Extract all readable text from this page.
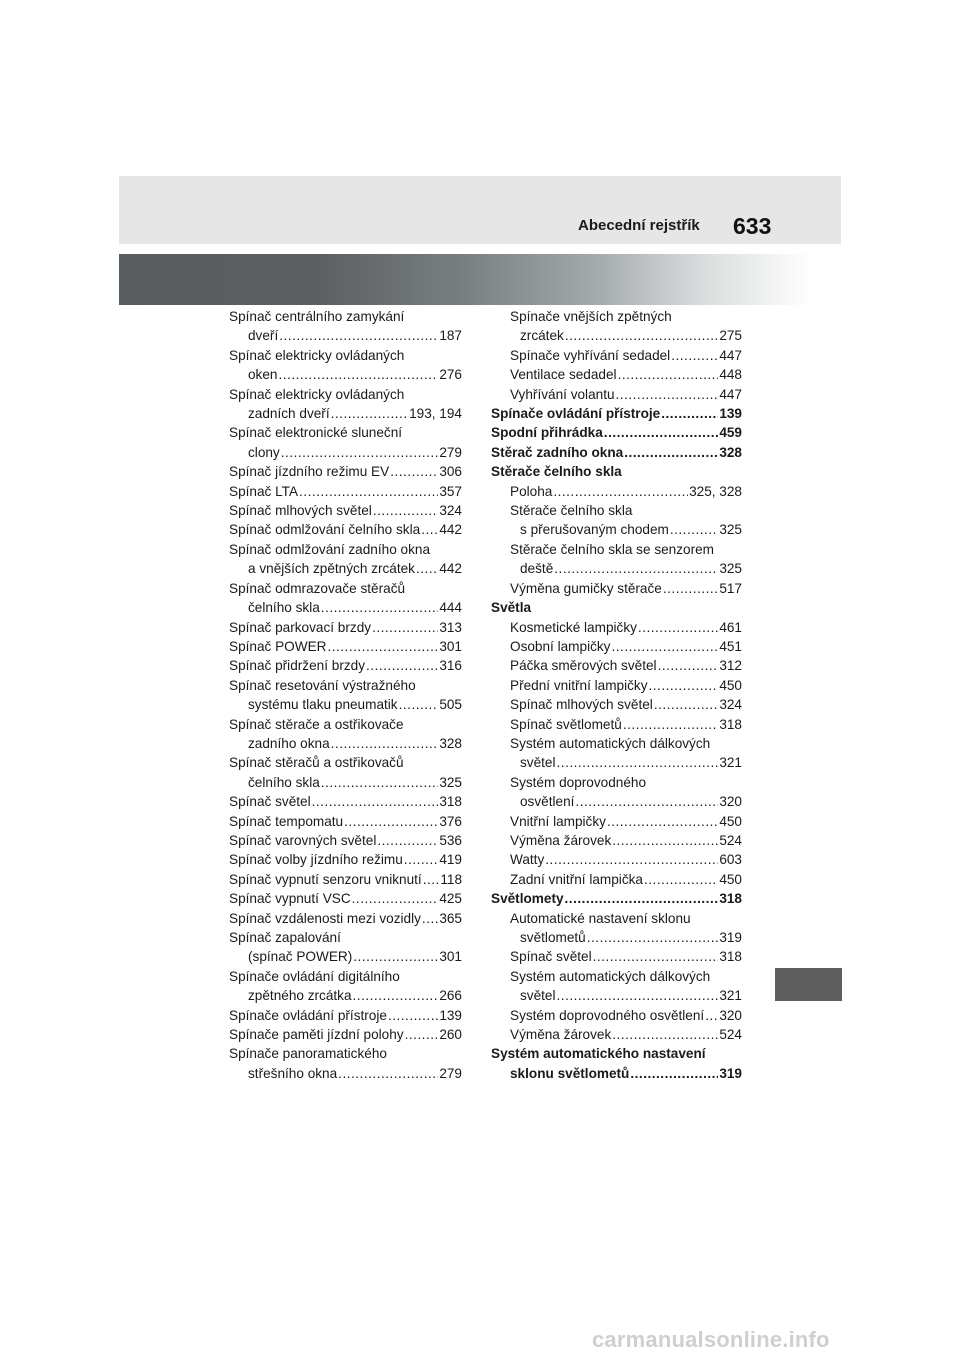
Abecední rejstřík 633
Spínač centrálního zamykání
dveří .....	187
Spínač elektricky ovládaných
oken .....	276
Spínač elektricky ovládaných
zadních dveří .....	193, 194
Spínač elektronické sluneční
clony .....	279
Spínač jízdního režimu EV .....	306
Spínač LTA .....	357
Spínač mlhových světel .....	324
Spínač odmlžování čelního skla ..... 442
Spínač odmlžování zadního okna
a vnějších zpětných zrcátek ..... 442
Spínač odmrazovače stěračů
čelního skla .....	444
Spínač parkovací brzdy .....	313
Spínač POWER .....	301
Spínač přidržení brzdy .....	316
Spínač resetování výstražného
systému tlaku pneumatik .....	505
Spínač stěrače a ostřikovače
zadního okna .....	328
Spínač stěračů a ostřikovačů
čelního skla .....	325
Spínač světel .....	318
Spínač tempomatu .....	376
Spínač varovných světel .....	536
Spínač volby jízdního režimu .....	419
Spínač vypnutí senzoru vniknutí ..... 118
Spínač vypnutí VSC .....	425
Spínač vzdálenosti mezi vozidly ..... 365
Spínač zapalování
(spínač POWER) .....	301
Spínače ovládání digitálního
zpětného zrcátka .....	266
Spínače ovládání přístroje .....	139
Spínače paměti jízdní polohy .....	260
Spínače panoramatického
střešního okna .....	279
Spínače vnějších zpětných
zrcátek .....	275
Spínače vyhřívání sedadel .....	447
Ventilace sedadel .....	448
Vyhřívání volantu .....	447
Spínače ovládání přístroje .....	139
Spodní přihrádka .....	459
Stěrač zadního okna .....	328
Stěrače čelního skla
Poloha .....	325, 328
Stěrače čelního skla
s přerušovaným chodem .....	325
Stěrače čelního skla se senzorem
deště .....	325
Výměna gumičky stěrače .....	517
Světla
Kosmetické lampičky .....	461
Osobní lampičky .....	451
Páčka směrových světel .....	312
Přední vnitřní lampičky .....	450
Spínač mlhových světel .....	324
Spínač světlometů .....	318
Systém automatických dálkových
světel .....	321
Systém doprovodného
osvětlení .....	320
Vnitřní lampičky .....	450
Výměna žárovek .....	524
Watty .....	603
Zadní vnitřní lampička .....	450
Světlomety .....	318
Automatické nastavení sklonu
světlometů .....	319
Spínač světel .....	318
Systém automatických dálkových
světel .....	321
Systém doprovodného osvětlení ..... 320
Výměna žárovek .....	524
Systém automatického nastavení
sklonu světlometů .....	319
carmanualsonline.info
